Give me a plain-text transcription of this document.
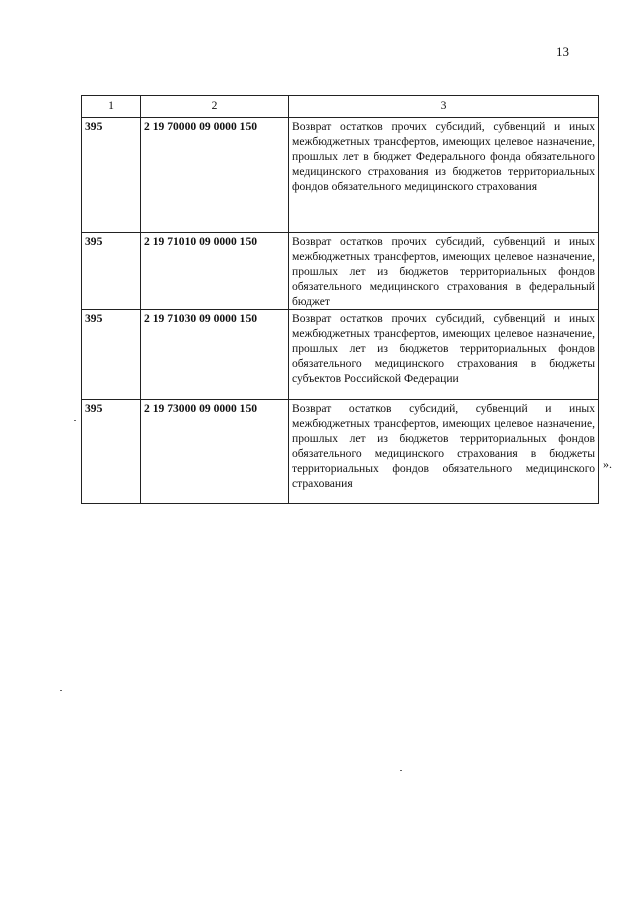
13
1	2	3
395	2 19 70000 09 0000 150	Возврат остатков прочих субсидий, субвенций и иных межбюджетных трансфертов, имеющих целевое назначение, прошлых лет в бюджет Федерального фонда обязательного медицинского страхования из бюджетов территориальных фондов обязательного медицинского страхования
395	2 19 71010 09 0000 150	Возврат остатков прочих субсидий, субвенций и иных межбюджетных трансфертов, имеющих целевое назначение, прошлых лет из бюджетов территориальных фондов обязательного медицинского страхования в федеральный бюджет
395	2 19 71030 09 0000 150	Возврат остатков прочих субсидий, субвенций и иных межбюджетных трансфертов, имеющих целевое назначение, прошлых лет из бюджетов территориальных фондов обязательного медицинского страхования в бюджеты субъектов Российской Федерации
395	2 19 73000 09 0000 150	Возврат остатков субсидий, субвенций и иных межбюджетных трансфертов, имеющих целевое назначение, прошлых лет из бюджетов территориальных фондов обязательного медицинского страхования в бюджеты территориальных фондов обязательного медицинского страхования
».
